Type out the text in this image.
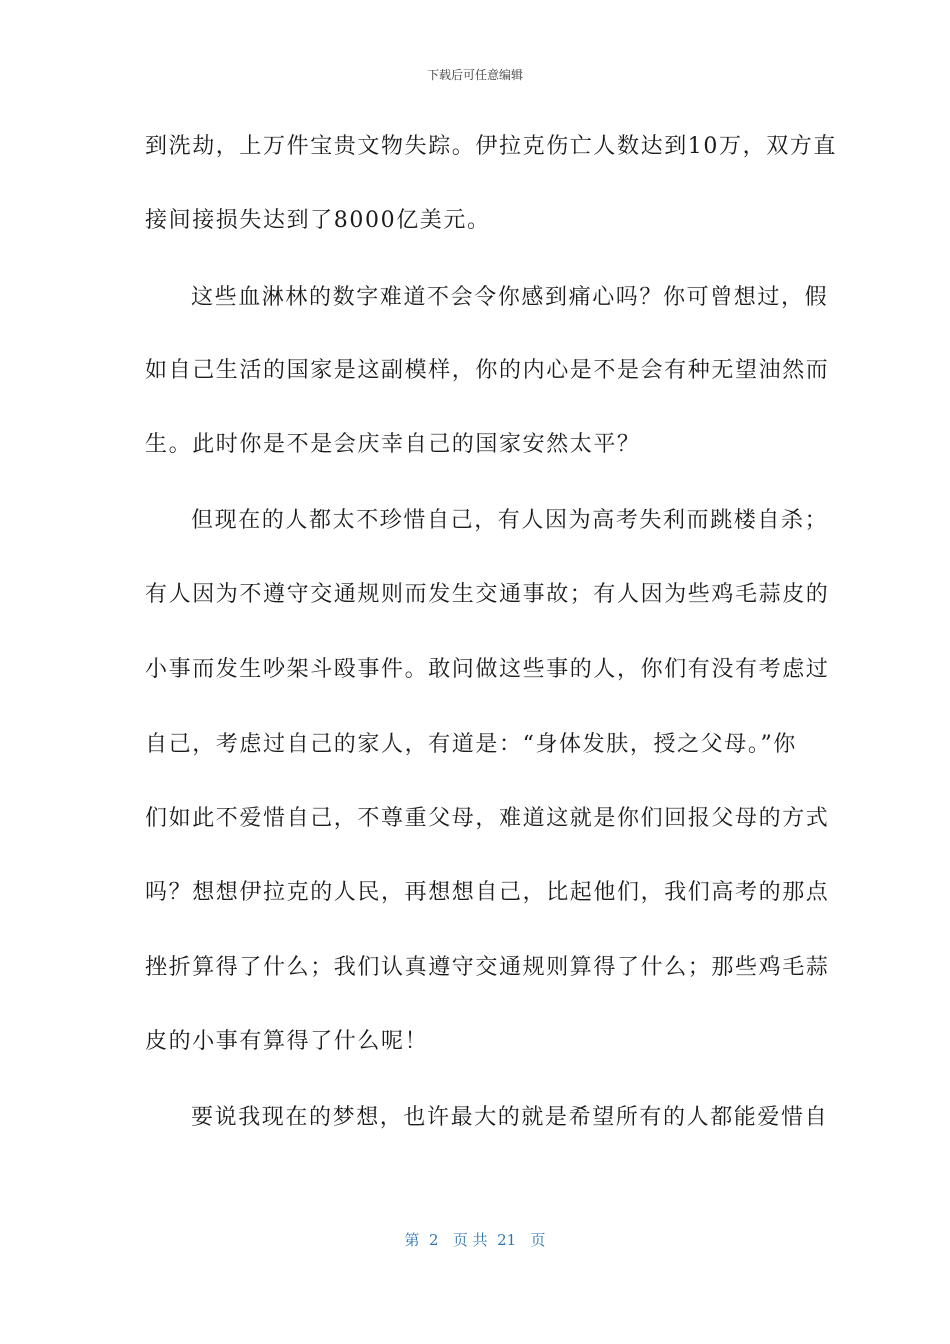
下载后可任意编辑
到洗劫，上万件宝贵文物失踪。伊拉克伤亡人数达到10万，双方直
接间接损失达到了8000亿美元。
这些血淋林的数字难道不会令你感到痛心吗？你可曾想过，假
如自己生活的国家是这副模样，你的内心是不是会有种无望油然而
生。此时你是不是会庆幸自己的国家安然太平？
但现在的人都太不珍惜自己，有人因为高考失利而跳楼自杀；
有人因为不遵守交通规则而发生交通事故；有人因为些鸡毛蒜皮的
小事而发生吵架斗殴事件。敢问做这些事的人，你们有没有考虑过
自己，考虑过自己的家人，有道是：“身体发肤，授之父母。”你
们如此不爱惜自己，不尊重父母，难道这就是你们回报父母的方式
吗？想想伊拉克的人民，再想想自己，比起他们，我们高考的那点
挫折算得了什么；我们认真遵守交通规则算得了什么；那些鸡毛蒜
皮的小事有算得了什么呢！
要说我现在的梦想，也许最大的就是希望所有的人都能爱惜自
第  2   页 共  21   页
